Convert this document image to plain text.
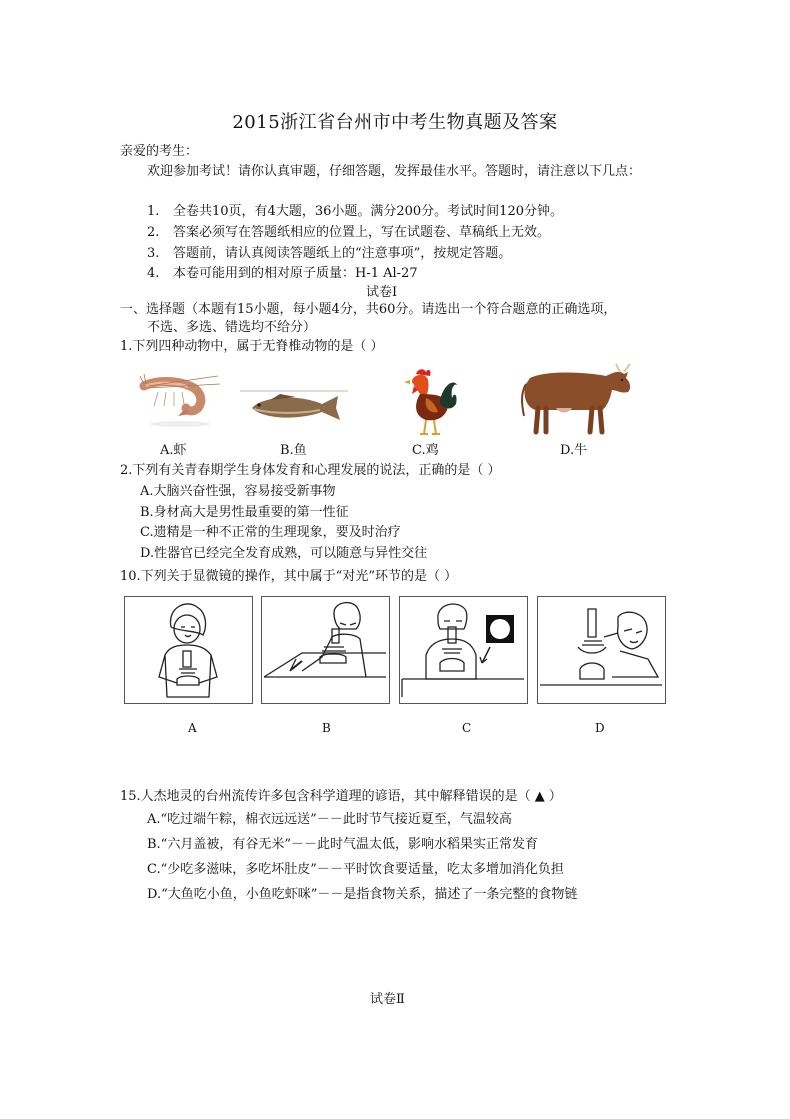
2015浙江省台州市中考生物真题及答案
亲爱的考生：
欢迎参加考试！请你认真审题，仔细答题，发挥最佳水平。答题时，请注意以下几点：
1. 全卷共10页，有4大题，36小题。满分200分。考试时间120分钟。
2. 答案必须写在答题纸相应的位置上，写在试题卷、草稿纸上无效。
3. 答题前，请认真阅读答题纸上的“注意事项”，按规定答题。
4. 本卷可能用到的相对原子质量：H-1 Al-27
试卷Ⅰ
一、选择题（本题有15小题，每小题4分，共60分。请选出一个符合题意的正确选项，
不选、多选、错选均不给分）
1.下列四种动物中，属于无脊椎动物的是（ ）
A.虾	B.鱼	C.鸡	D.牛
2.下列有关青春期学生身体发育和心理发展的说法，正确的是（ ）
A.大脑兴奋性强，容易接受新事物
B.身材高大是男性最重要的第一性征
C.遗精是一种不正常的生理现象，要及时治疗
D.性器官已经完全发育成熟，可以随意与异性交往
10.下列关于显微镜的操作，其中属于“对光”环节的是（ ）
A	B	C	D
15.人杰地灵的台州流传许多包含科学道理的谚语，其中解释错误的是（ ▲ ）
A.“吃过端午粽，棉衣远远送”－－此时节气接近夏至，气温较高
B.“六月盖被，有谷无米”－－此时气温太低，影响水稻果实正常发育
C.“少吃多滋味，多吃坏肚皮”－－平时饮食要适量，吃太多增加消化负担
D.“大鱼吃小鱼，小鱼吃虾咪”－－是指食物关系，描述了一条完整的食物链
试卷Ⅱ
